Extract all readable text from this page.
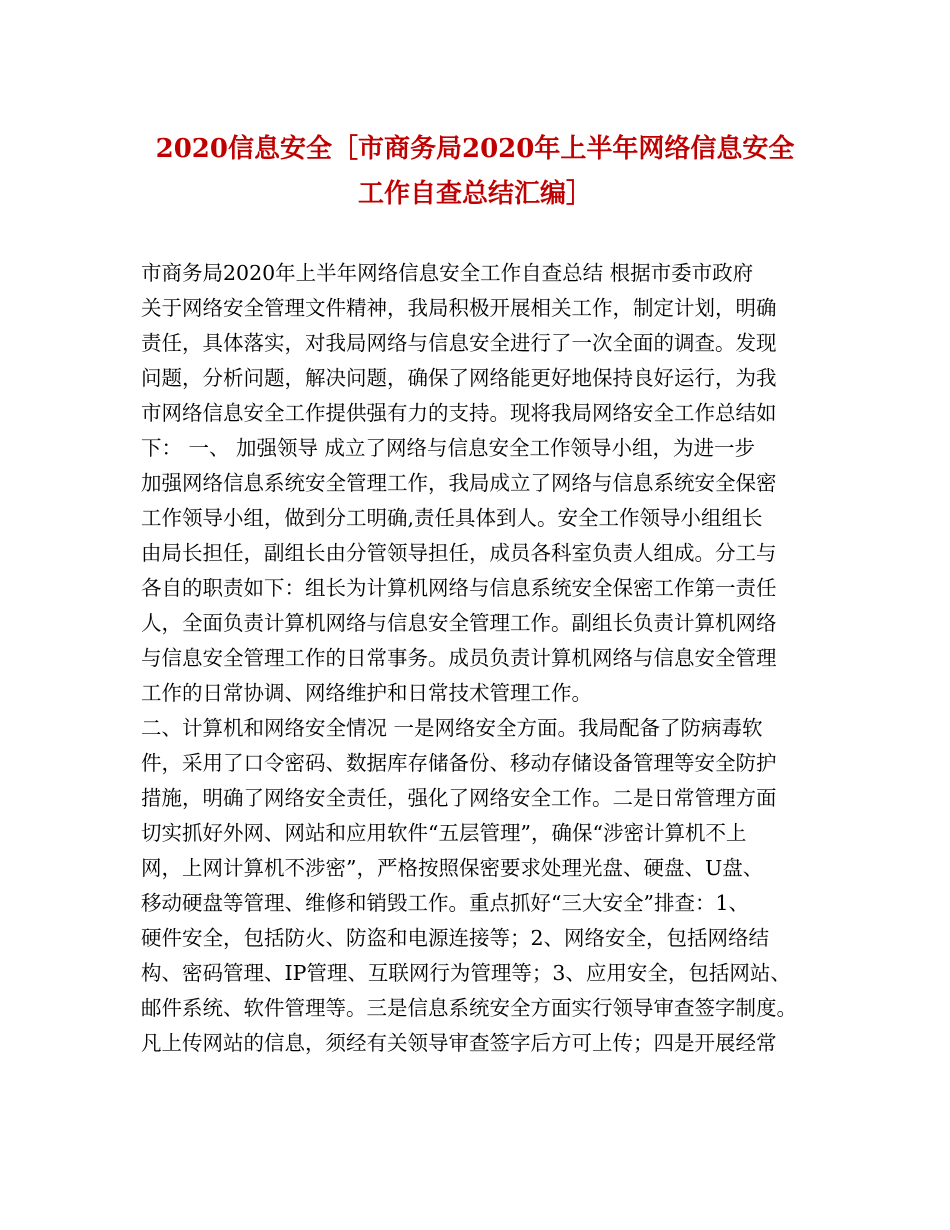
2020信息安全［市商务局2020年上半年网络信息安全
工作自查总结汇编］
市商务局2020年上半年网络信息安全工作自查总结 根据市委市政府
关于网络安全管理文件精神，我局积极开展相关工作，制定计划，明确
责任，具体落实，对我局网络与信息安全进行了一次全面的调查。发现
问题，分析问题，解决问题，确保了网络能更好地保持良好运行，为我
市网络信息安全工作提供强有力的支持。现将我局网络安全工作总结如
下： 一、 加强领导 成立了网络与信息安全工作领导小组，为进一步
加强网络信息系统安全管理工作，我局成立了网络与信息系统安全保密
工作领导小组，做到分工明确,责任具体到人。安全工作领导小组组长
由局长担任，副组长由分管领导担任，成员各科室负责人组成。分工与
各自的职责如下：组长为计算机网络与信息系统安全保密工作第一责任
人，全面负责计算机网络与信息安全管理工作。副组长负责计算机网络
与信息安全管理工作的日常事务。成员负责计算机网络与信息安全管理
工作的日常协调、网络维护和日常技术管理工作。
二、计算机和网络安全情况 一是网络安全方面。我局配备了防病毒软
件，采用了口令密码、数据库存储备份、移动存储设备管理等安全防护
措施，明确了网络安全责任，强化了网络安全工作。二是日常管理方面
切实抓好外网、网站和应用软件“五层管理”，确保“涉密计算机不上
网，上网计算机不涉密”，严格按照保密要求处理光盘、硬盘、U盘、
移动硬盘等管理、维修和销毁工作。重点抓好“三大安全”排查：1、
硬件安全，包括防火、防盗和电源连接等；2、网络安全，包括网络结
构、密码管理、IP管理、互联网行为管理等；3、应用安全，包括网站、
邮件系统、软件管理等。三是信息系统安全方面实行领导审查签字制度。
凡上传网站的信息，须经有关领导审查签字后方可上传；四是开展经常
